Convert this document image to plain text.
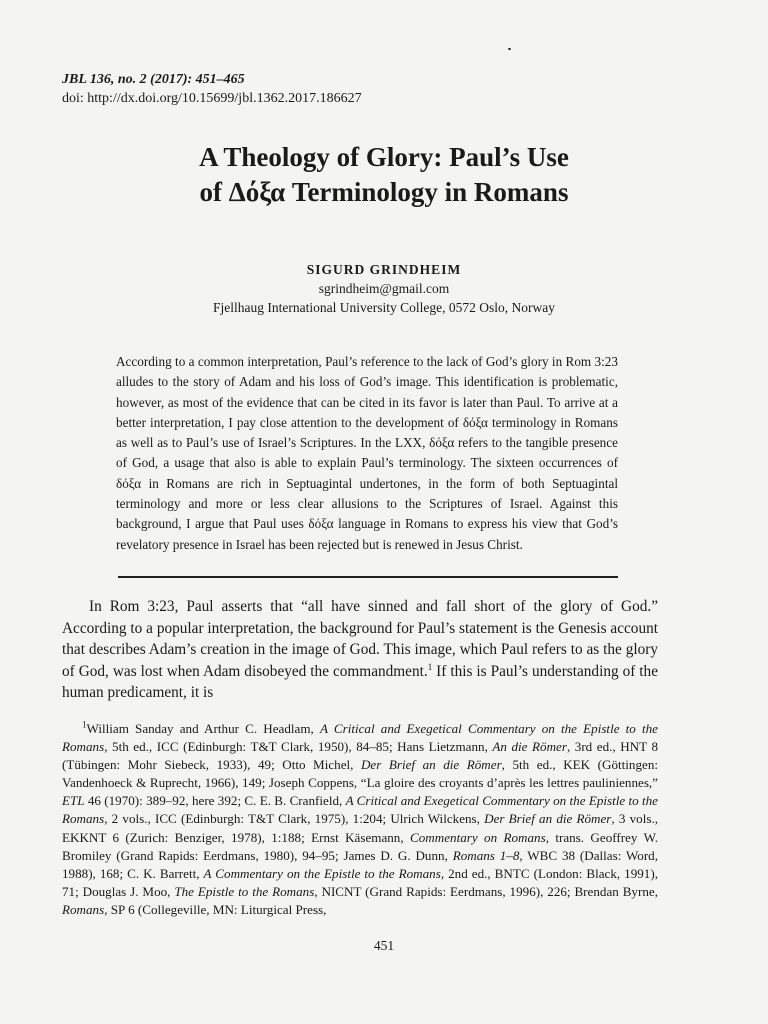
JBL 136, no. 2 (2017): 451–465
doi: http://dx.doi.org/10.15699/jbl.1362.2017.186627
A Theology of Glory: Paul’s Use
of Δόξα Terminology in Romans
SIGURD GRINDHEIM
sgrindheim@gmail.com
Fjellhaug International University College, 0572 Oslo, Norway
According to a common interpretation, Paul’s reference to the lack of God’s glory in Rom 3:23 alludes to the story of Adam and his loss of God’s image. This identification is problematic, however, as most of the evidence that can be cited in its favor is later than Paul. To arrive at a better interpretation, I pay close attention to the development of δόξα terminology in Romans as well as to Paul’s use of Israel’s Scriptures. In the LXX, δόξα refers to the tangible presence of God, a usage that also is able to explain Paul’s terminology. The sixteen occurrences of δόξα in Romans are rich in Septuagintal undertones, in the form of both Septuagintal terminology and more or less clear allusions to the Scriptures of Israel. Against this background, I argue that Paul uses δόξα language in Romans to express his view that God’s revelatory presence in Israel has been rejected but is renewed in Jesus Christ.
In Rom 3:23, Paul asserts that “all have sinned and fall short of the glory of God.” According to a popular interpretation, the background for Paul’s statement is the Genesis account that describes Adam’s creation in the image of God. This image, which Paul refers to as the glory of God, was lost when Adam disobeyed the commandment.$^1$ If this is Paul’s understanding of the human predicament, it is
$^1$William Sanday and Arthur C. Headlam, A Critical and Exegetical Commentary on the Epistle to the Romans, 5th ed., ICC (Edinburgh: T&T Clark, 1950), 84–85; Hans Lietzmann, An die Römer, 3rd ed., HNT 8 (Tübingen: Mohr Siebeck, 1933), 49; Otto Michel, Der Brief an die Römer, 5th ed., KEK (Göttingen: Vandenhoeck & Ruprecht, 1966), 149; Joseph Coppens, “La gloire des croyants d’après les lettres pauliniennes,” ETL 46 (1970): 389–92, here 392; C. E. B. Cranfield, A Critical and Exegetical Commentary on the Epistle to the Romans, 2 vols., ICC (Edinburgh: T&T Clark, 1975), 1:204; Ulrich Wilckens, Der Brief an die Römer, 3 vols., EKKNT 6 (Zurich: Benziger, 1978), 1:188; Ernst Käsemann, Commentary on Romans, trans. Geoffrey W. Bromiley (Grand Rapids: Eerdmans, 1980), 94–95; James D. G. Dunn, Romans 1–8, WBC 38 (Dallas: Word, 1988), 168; C. K. Barrett, A Commentary on the Epistle to the Romans, 2nd ed., BNTC (London: Black, 1991), 71; Douglas J. Moo, The Epistle to the Romans, NICNT (Grand Rapids: Eerdmans, 1996), 226; Brendan Byrne, Romans, SP 6 (Collegeville, MN: Liturgical Press,
451
